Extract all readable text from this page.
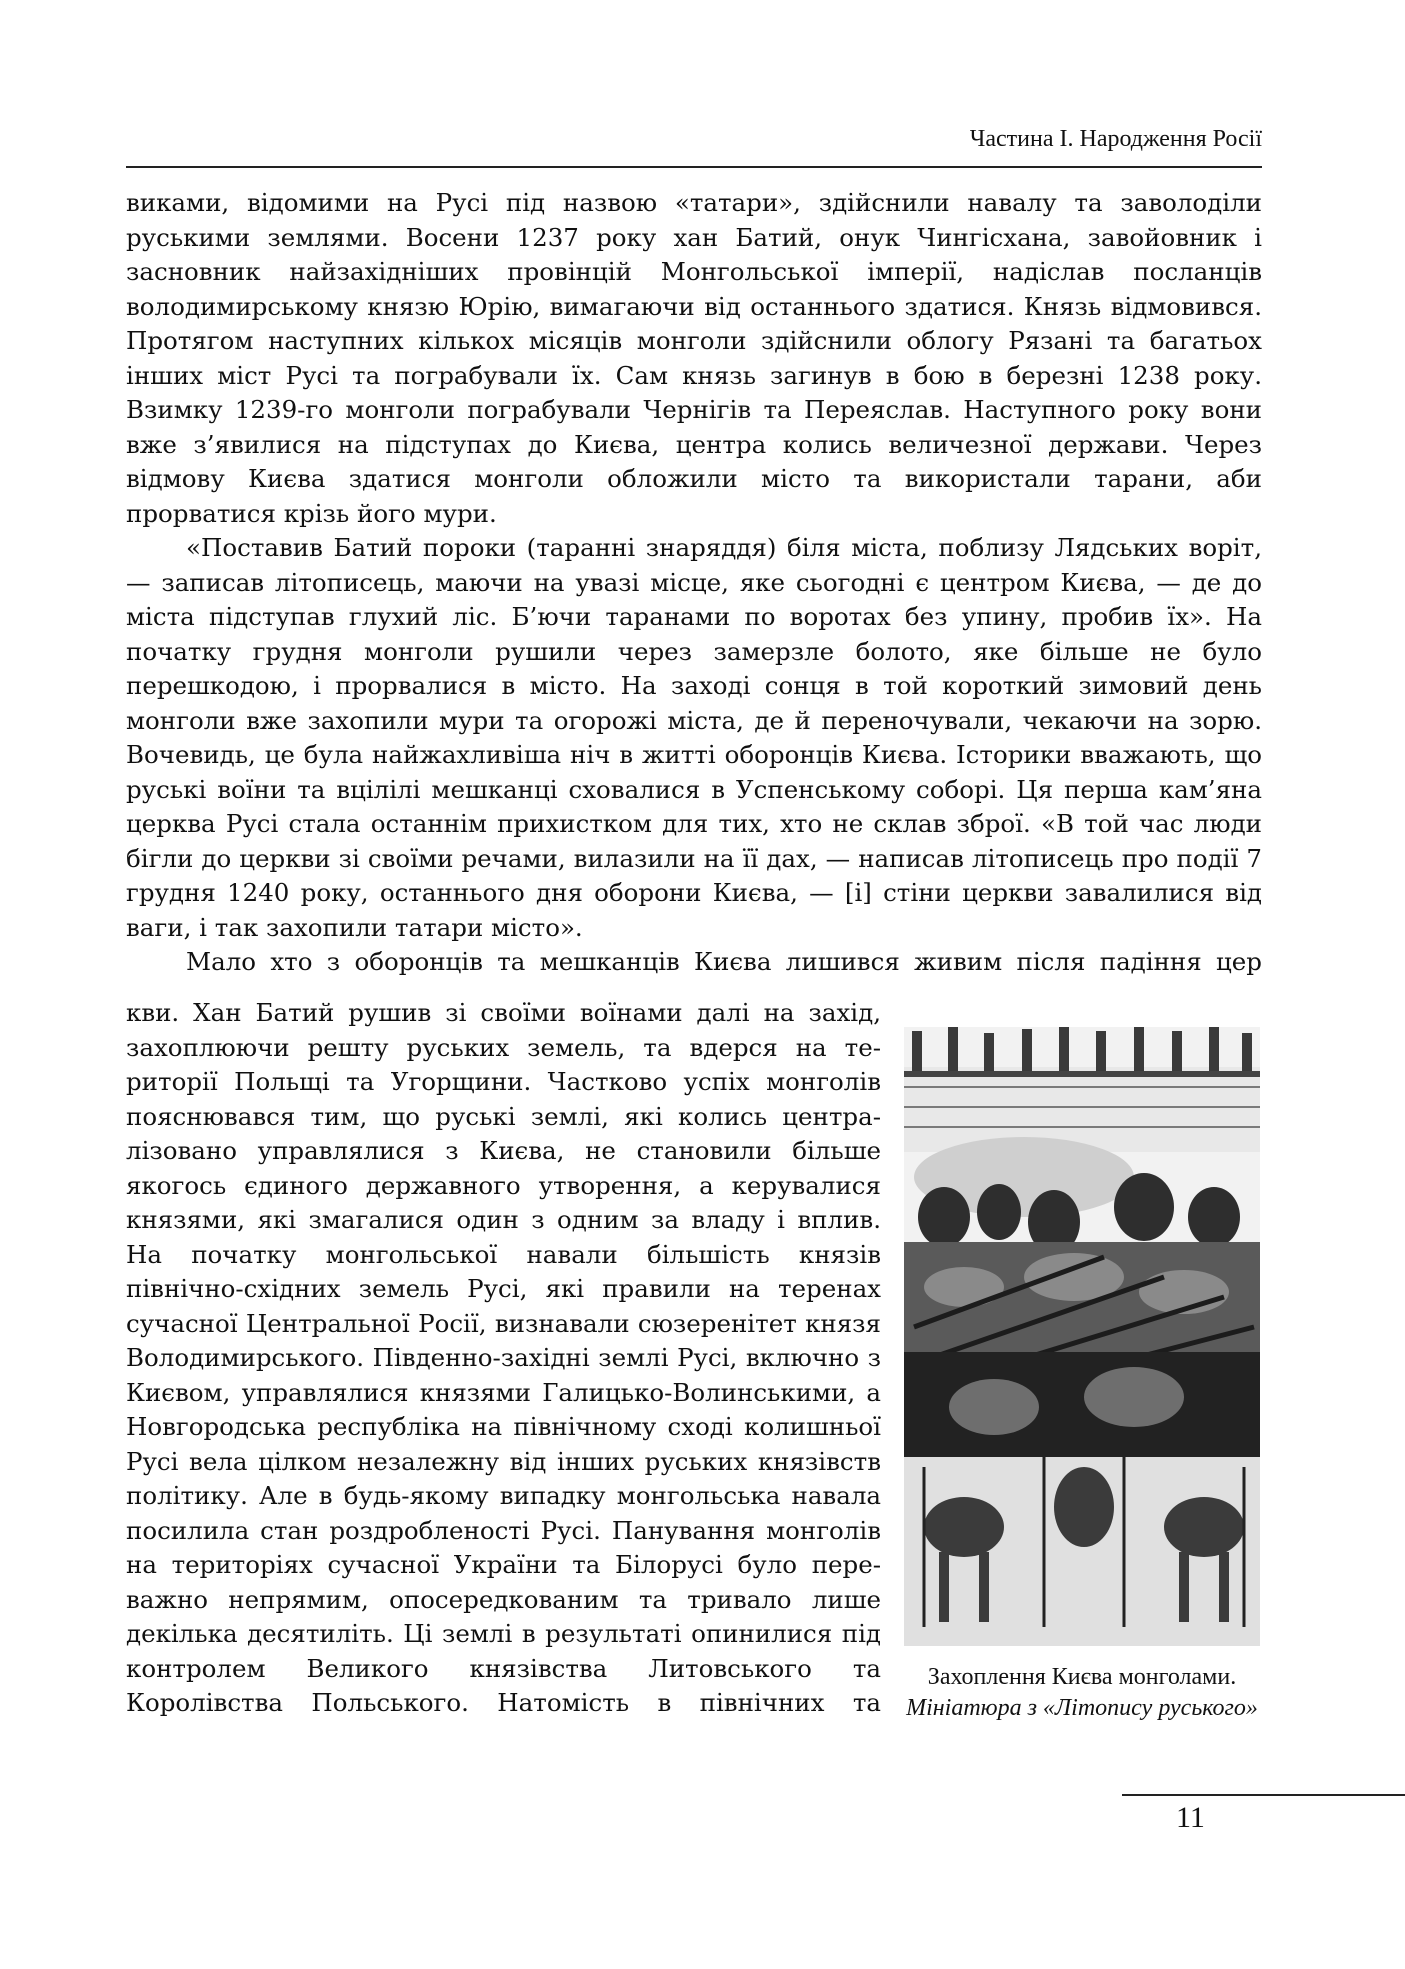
Частина I. Народження Росії

виками, відомими на Русі під назвою «татари», здійснили навалу та заволоділи руськими землями. Восени 1237 року хан Батий, онук Чингісхана, завойовник і засновник найзахідніших провінцій Монгольської імперії, надіслав посланців володимирському князю Юрію, вимагаючи від останнього здатися. Князь відмовився. Протягом наступних кількох місяців монголи здійснили облогу Рязані та багатьох інших міст Русі та пограбували їх. Сам князь загинув в бою в березні 1238 року. Взимку 1239-го монголи пограбували Чернігів та Переяслав. Наступного року вони вже з’явилися на підступах до Києва, центра колись величезної держави. Через відмову Києва здатися монголи обложили місто та використали тарани, аби прорватися крізь його мури.

«Поставив Батий пороки (таранні знаряддя) біля міста, поблизу Лядських воріт, — записав літописець, маючи на увазі місце, яке сьогодні є центром Києва, — де до міста підступав глухий ліс. Б’ючи таранами по воротах без упину, пробив їх». На початку грудня монголи рушили через замерзле болото, яке більше не було перешкодою, і прорвалися в місто. На заході сонця в той короткий зимовий день монголи вже захопили мури та огорожі міста, де й переночували, чекаючи на зорю. Вочевидь, це була найжахливіша ніч в житті оборонців Києва. Історики вважають, що руські воїни та вцілілі мешканці сховалися в Успенському соборі. Ця перша кам’яна церква Русі стала останнім прихистком для тих, хто не склав зброї. «В той час люди бігли до церкви зі своїми речами, вилазили на її дах, — написав літописець про події 7 грудня 1240 року, останнього дня оборони Києва, — [і] стіни церкви завалилися від ваги, і так захопили татари місто».

Мало хто з оборонців та мешканців Києва лишився живим після падіння цер

кви. Хан Батий рушив зі своїми воїнами далі на захід, захоплюючи решту руських земель, та вдерся на території Польщі та Угорщини. Частково успіх монголів пояснювався тим, що руські землі, які колись централізовано управлялися з Києва, не становили більше якогось єдиного державного утворення, а керувалися князями, які змагалися один з одним за владу і вплив. На початку монгольської навали більшість князів північно-східних земель Русі, які правили на теренах сучасної Центральної Росії, визнавали сюзеренітет князя Володимирського. Південно-західні землі Русі, включно з Києвом, управлялися князями Галицько-Волинськими, а Новгородська республіка на північному сході колишньої Русі вела цілком незалежну від інших руських князівств політику. Але в будь-якому випадку монгольська навала посилила стан роздробленості Русі. Панування монголів на територіях сучасної України та Білорусі було переважно непрямим, опосередкованим та тривало лише декілька десятиліть. Ці землі в результаті опинилися під контролем Великого князівства Литовського та Королівства Польського. Натомість в північних та

Захоплення Києва монголами.
Мініатюра з «Літопису руського»
11
